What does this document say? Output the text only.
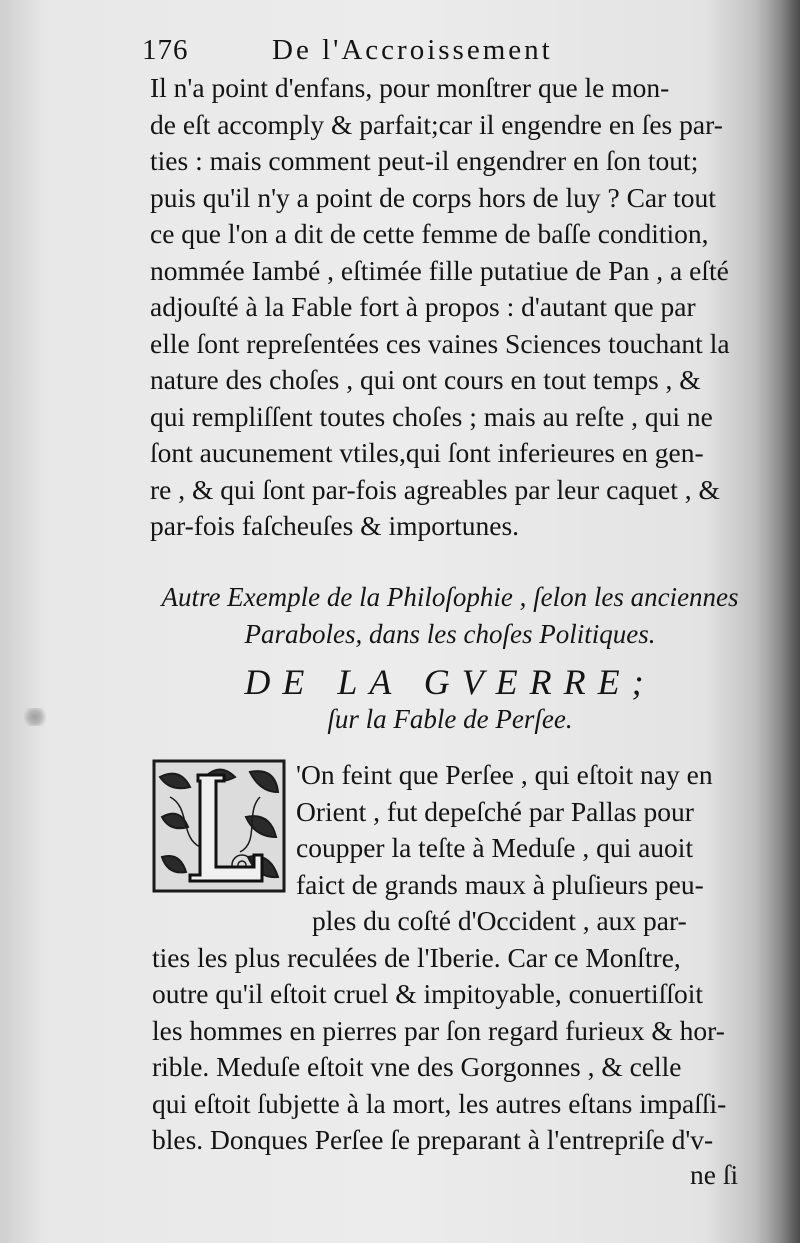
176	De l'Accroissement
Il n'a point d'enfans, pour monſtrer que le mon-
de eſt accomply & parfait;car il engendre en ſes par-
ties : mais comment peut-il engendrer en ſon tout;
puis qu'il n'y a point de corps hors de luy ? Car tout
ce que l'on a dit de cette femme de baſſe condition,
nommée Iambé , eſtimée fille putatiue de Pan , a eſté
adjouſté à la Fable fort à propos : d'autant que par
elle ſont repreſentées ces vaines Sciences touchant la
nature des choſes , qui ont cours en tout temps , &
qui rempliſſent toutes choſes ; mais au reſte , qui ne
ſont aucunement vtiles,qui ſont inferieures en gen-
re , & qui ſont par-fois agreables par leur caquet , &
par-fois faſcheuſes & importunes.
Autre Exemple de la Philoſophie , ſelon les anciennes
Paraboles, dans les choſes Politiques.
DE LA GVERRE;
ſur la Fable de Perſee.
'On feint que Perſee , qui eſtoit nay en
Orient , fut depeſché par Pallas pour
coupper la teſte à Meduſe , qui auoit
faict de grands maux à pluſieurs peu-
ples du coſté d'Occident , aux par-
ties les plus reculées de l'Iberie. Car ce Monſtre,
outre qu'il eſtoit cruel & impitoyable, conuertiſſoit
les hommes en pierres par ſon regard furieux & hor-
rible. Meduſe eſtoit vne des Gorgonnes , & celle
qui eſtoit ſubjette à la mort, les autres eſtans impaſſi-
bles. Donques Perſee ſe preparant à l'entrepriſe d'v-
ne ſi
